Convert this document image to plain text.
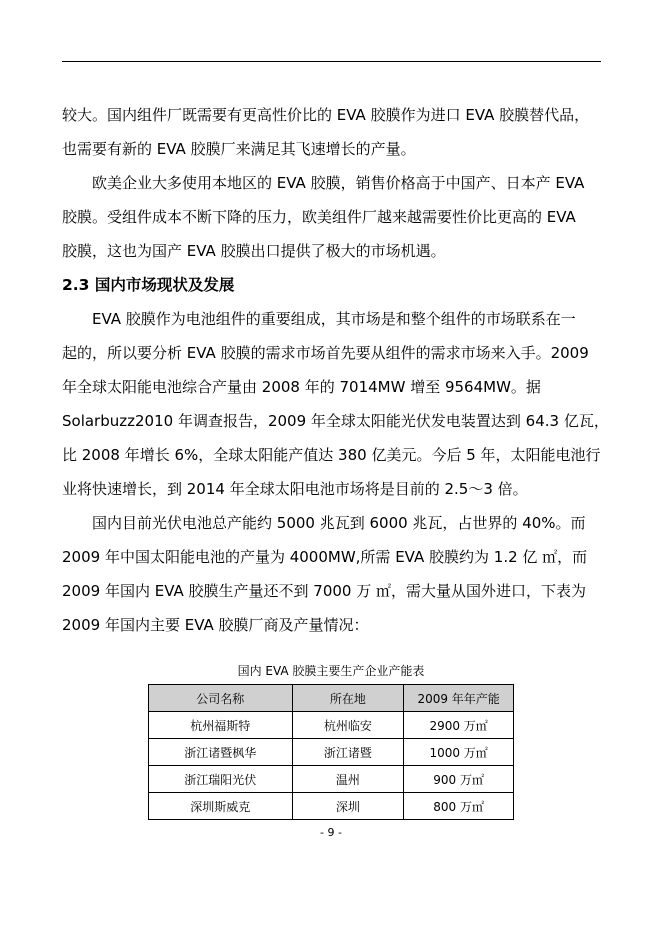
较大。国内组件厂既需要有更高性价比的 EVA 胶膜作为进口 EVA 胶膜替代品，

也需要有新的 EVA 胶膜厂来满足其飞速增长的产量。

欧美企业大多使用本地区的 EVA 胶膜，销售价格高于中国产、日本产 EVA

胶膜。受组件成本不断下降的压力，欧美组件厂越来越需要性价比更高的 EVA

胶膜，这也为国产 EVA 胶膜出口提供了极大的市场机遇。

2.3 国内市场现状及发展

EVA 胶膜作为电池组件的重要组成，其市场是和整个组件的市场联系在一

起的，所以要分析 EVA 胶膜的需求市场首先要从组件的需求市场来入手。2009

年全球太阳能电池综合产量由 2008 年的 7014MW 增至 9564MW。据

Solarbuzz2010 年调查报告，2009 年全球太阳能光伏发电装置达到 64.3 亿瓦，

比 2008 年增长 6%，全球太阳能产值达 380 亿美元。今后 5 年，太阳能电池行

业将快速增长，到 2014 年全球太阳电池市场将是目前的 2.5～3 倍。

国内目前光伏电池总产能约 5000 兆瓦到 6000 兆瓦，占世界的 40%。而

2009 年中国太阳能电池的产量为 4000MW,所需 EVA 胶膜约为 1.2 亿 ㎡，而

2009 年国内 EVA 胶膜生产量还不到 7000 万 ㎡，需大量从国外进口，下表为

2009 年国内主要 EVA 胶膜厂商及产量情况：

国内 EVA 胶膜主要生产企业产能表
公司名称	所在地	2009 年年产能
杭州福斯特	杭州临安	2900 万㎡
浙江诸暨枫华	浙江诸暨	1000 万㎡
浙江瑞阳光伏	温州	900 万㎡
深圳斯威克	深圳	800 万㎡
- 9 -
